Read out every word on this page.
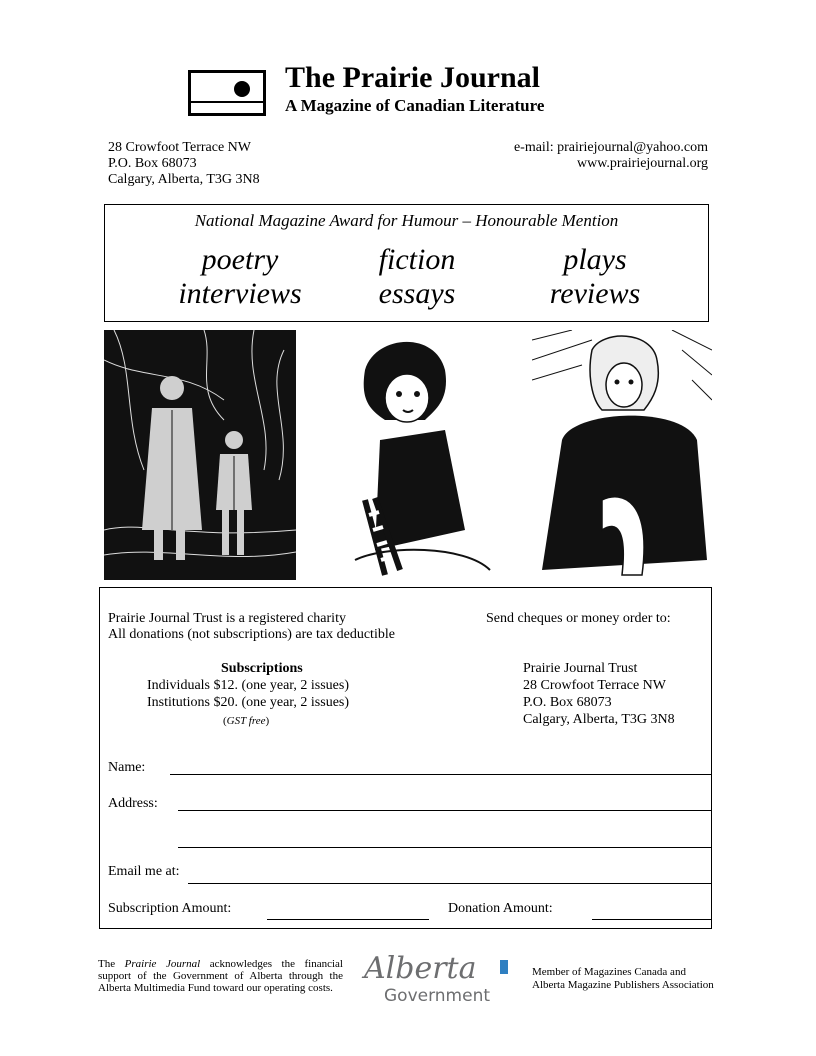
The Prairie Journal
A Magazine of Canadian Literature
28 Crowfoot Terrace NW
P.O. Box 68073
Calgary, Alberta, T3G 3N8
e-mail: prairiejournal@yahoo.com
www.prairiejournal.org
National Magazine Award for Humour – Honourable Mention
poetry	fiction	plays
interviews	essays	reviews
Prairie Journal Trust is a registered charity
All donations (not subscriptions) are tax deductible
Send cheques or money order to:
Subscriptions
Individuals $12. (one year, 2 issues)
Institutions $20. (one year, 2 issues)
(GST free)
Prairie Journal Trust
28 Crowfoot Terrace NW
P.O. Box 68073
Calgary, Alberta, T3G 3N8
Name:
Address:
Email me at:
Subscription Amount:	Donation Amount:
The Prairie Journal acknowledges the financial support of the Government of Alberta through the Alberta Multimedia Fund toward our operating costs.
Alberta
Government
Member of Magazines Canada and
Alberta Magazine Publishers Association
